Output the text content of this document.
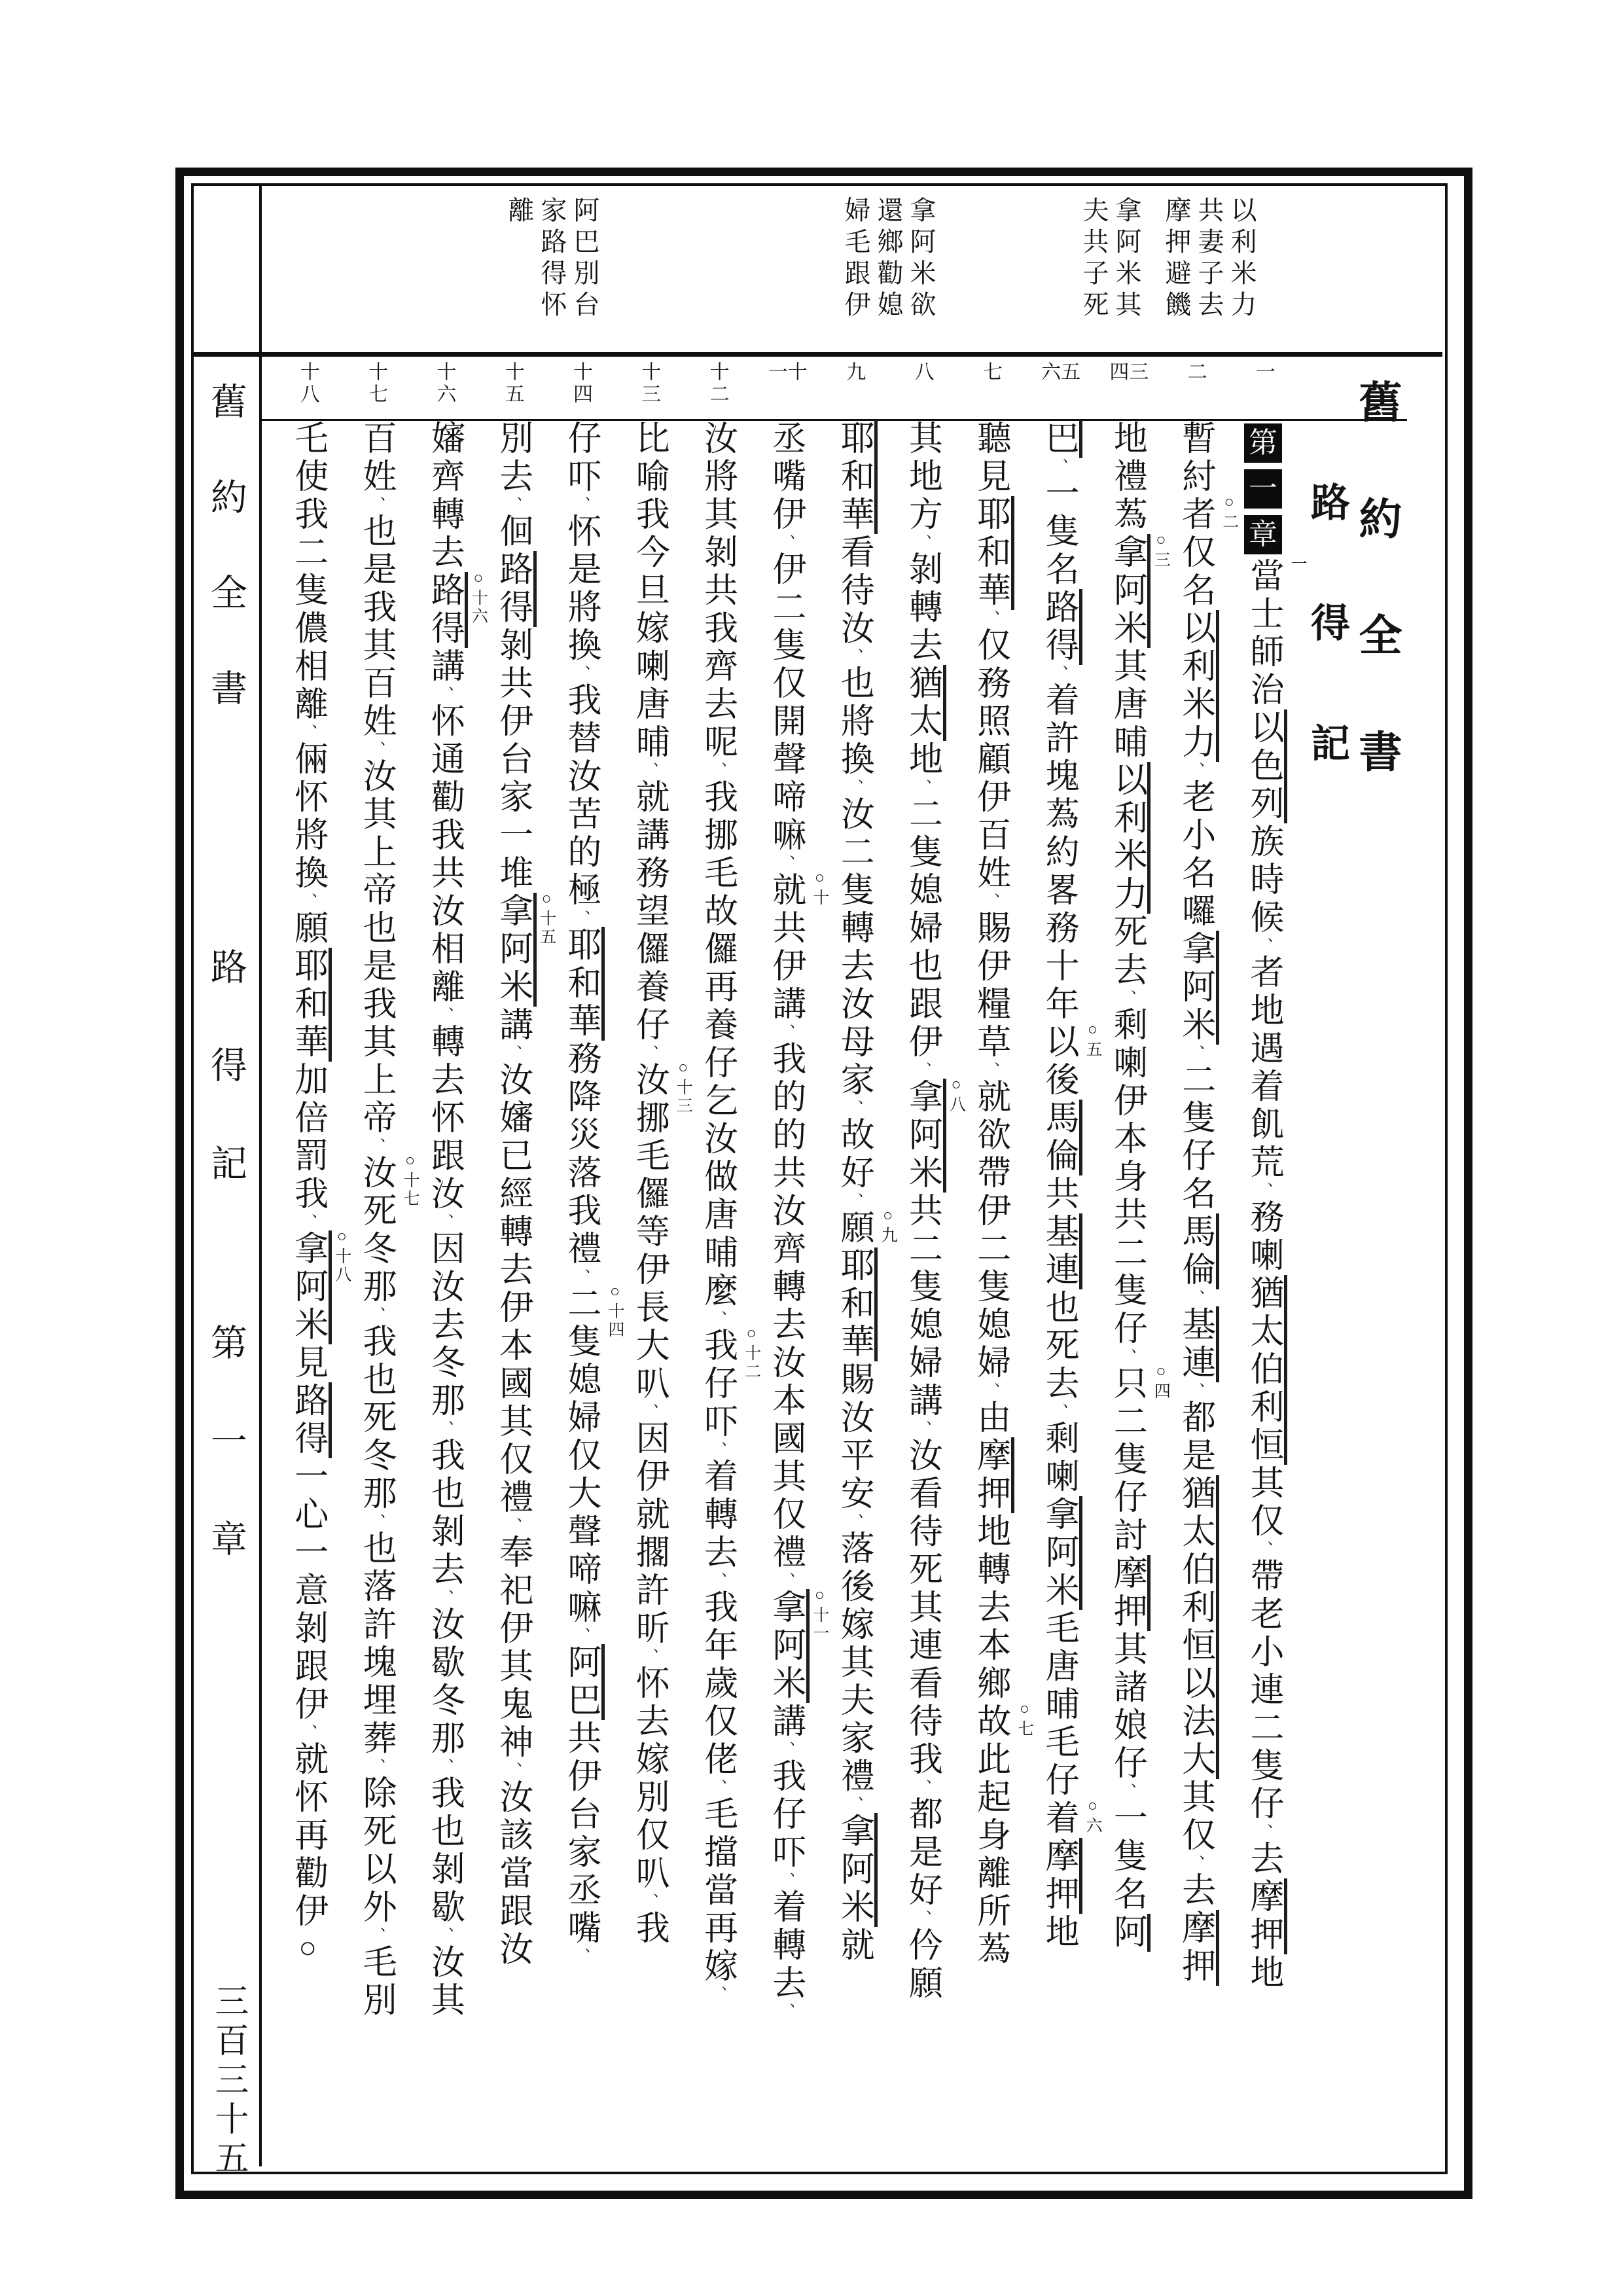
以利米力
共妻子去
摩押避饑
拿阿米其
夫共子死
拿阿米欲
還鄉勸媳
婦毛跟伊
阿巴別台
家路得怀
離
一
二
三
四
五
六
七
八
九
十
一
十二
十三
十四
十五
十六
十七
十八	舊約全書
路得記
第一章
一
當士師治以色列族時候、者地遇着飢荒、務喇猶太伯利恒其仅、帶老小連二隻仔、去摩押地
暫紂
○二
者仅名以利米力、老小名囉拿阿米、二隻仔名馬倫、基連、都是猶太伯利恒以法大其仅、去摩押
地禮蒍
○三
拿阿米其唐晡以利米力死去、剩喇伊本身共二隻仔、
○四
只二隻仔討摩押其諸娘仔、一隻名阿
巴、一隻名路得、着許塊蒍約畧務十年
○五
以後馬倫共基連也死去、剩喇拿阿米毛唐晡毛仔
○六
着摩押地
聽見耶和華、仅務照顧伊百姓、賜伊糧草、就欲帶伊二隻媳婦、由摩押地轉去本鄉
○七
故此起身離所蒍
其地方、剝轉去猶太地、二隻媳婦也跟伊、
○八
拿阿米共二隻媳婦講、汝看待死其連看待我、都是好、仱願
耶和華看待汝、也將換、汝二隻轉去汝母家、故好、
○九
願耶和華賜汝平安、落後嫁其夫家禮、拿阿米就
丞嘴伊、伊二隻仅開聲啼嘛、
○十
就共伊講、我的的共汝齊轉去汝本國其仅禮、
○十一
拿阿米講、我仔吓、着轉去、
汝將其剝共我齊去呢、我挪毛故儸再養仔乞汝做唐晡麼、
○十二
我仔吓、着轉去、我年歲仅佬、毛擋當再嫁、
比喻我今旦嫁喇唐晡、就講務望儸養仔、
○十三
汝挪毛儸等伊長大叭、因伊就擱許昕、怀去嫁別仅叭、我
仔吓、怀是將換、我替汝苦的極、耶和華務降災落我禮、
○十四
二隻媳婦仅大聲啼嘛、阿巴共伊台家丞嘴、
別去、佪路得剝共伊台家一堆
○十五
拿阿米講、汝嬸已經轉去伊本國其仅禮、奉祀伊其鬼神、汝該當跟汝
嬸齊轉去
○十六
路得講、怀通勸我共汝相離、轉去怀跟汝、因汝去冬那、我也剝去、汝歇冬那、我也剝歇、汝其
百姓、也是我其百姓、汝其上帝也是我其上帝、
○十七
汝死冬那、我也死冬那、也落許塊埋葬、除死以外、毛別
乇使我二隻儂相離、倆怀將換、願耶和華加倍罰我、
○十八
拿阿米見路得一心一意剝跟伊、就怀再勸伊○
舊約全書
路得記
第一章
三百三十五
